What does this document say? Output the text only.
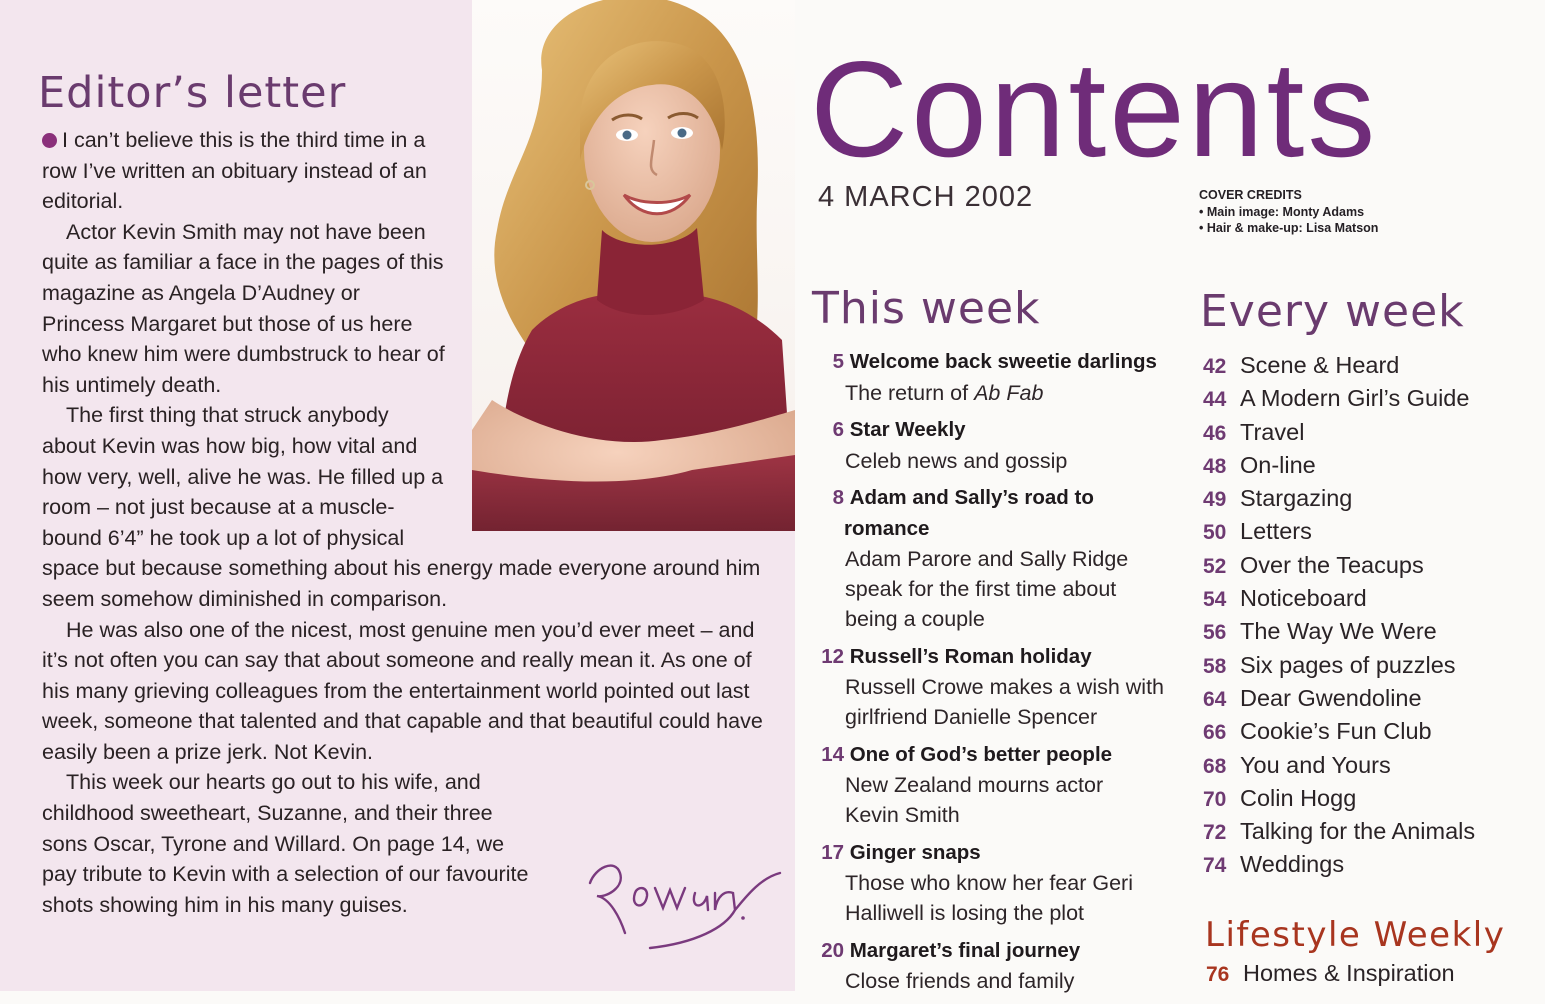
Editor’s letter

I can’t believe this is the third time in a row I’ve written an obituary instead of an editorial.

Actor Kevin Smith may not have been quite as familiar a face in the pages of this magazine as Angela D’Audney or Princess Margaret but those of us here who knew him were dumbstruck to hear of his untimely death.

The first thing that struck anybody about Kevin was how big, how vital and how very, well, alive he was. He filled up a room – not just because at a muscle-bound 6’4” he took up a lot of physical space but because something about his energy made everyone around him seem somehow diminished in comparison.

He was also one of the nicest, most genuine men you’d ever meet – and it’s not often you can say that about someone and really mean it. As one of his many grieving colleagues from the entertainment world pointed out last week, someone that talented and that capable and that beautiful could have easily been a prize jerk. Not Kevin.

This week our hearts go out to his wife, and childhood sweetheart, Suzanne, and their three sons Oscar, Tyrone and Willard. On page 14, we pay tribute to Kevin with a selection of our favourite shots showing him in his many guises.

Contents
4 MARCH 2002	COVER CREDITS
• Main image: Monty Adams
• Hair & make-up: Lisa Matson
This week
5 Welcome back sweetie darlings
The return of Ab Fab
6 Star Weekly
Celeb news and gossip
8 Adam and Sally’s road to romance
Adam Parore and Sally Ridge speak for the first time about being a couple
12 Russell’s Roman holiday
Russell Crowe makes a wish with girlfriend Danielle Spencer
14 One of God’s better people
New Zealand mourns actor Kevin Smith
17 Ginger snaps
Those who know her fear Geri Halliwell is losing the plot
20 Margaret’s final journey
Close friends and family
Every week
42 Scene & Heard
44 A Modern Girl’s Guide
46 Travel
48 On-line
49 Stargazing
50 Letters
52 Over the Teacups
54 Noticeboard
56 The Way We Were
58 Six pages of puzzles
64 Dear Gwendoline
66 Cookie’s Fun Club
68 You and Yours
70 Colin Hogg
72 Talking for the Animals
74 Weddings
Lifestyle Weekly
76 Homes & Inspiration
